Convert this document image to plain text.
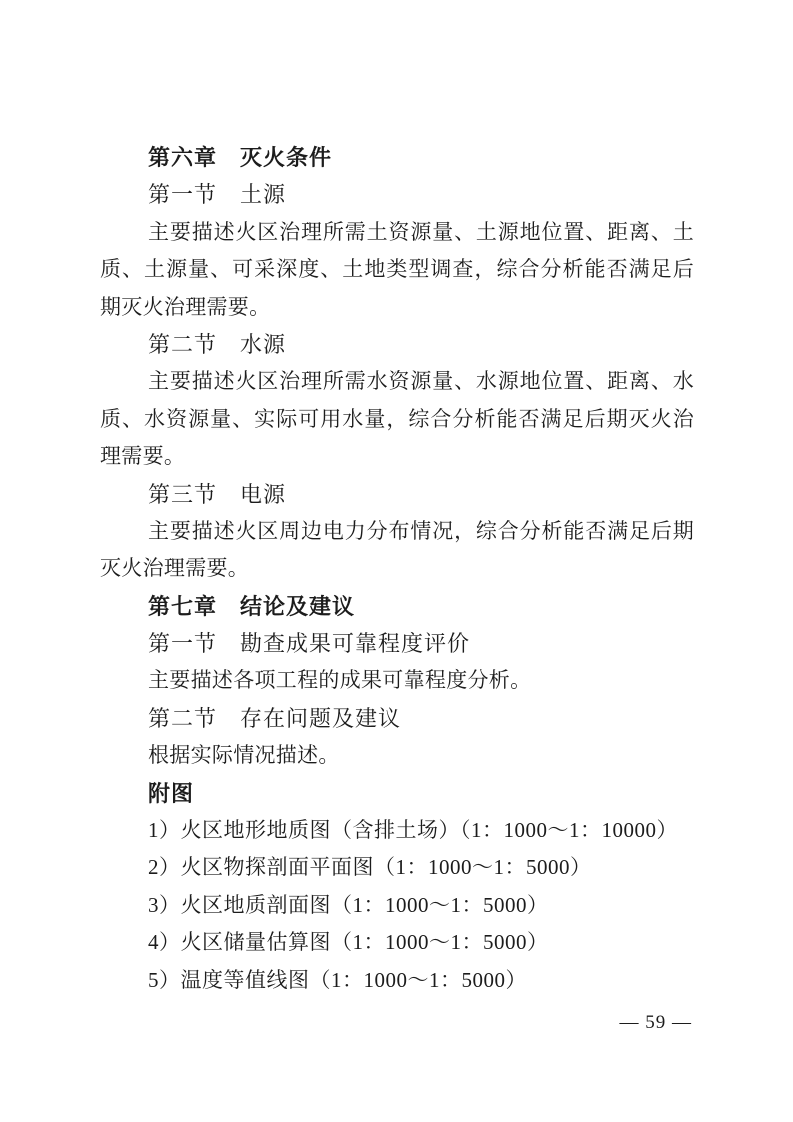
第六章　灭火条件
第一节　土源
主要描述火区治理所需土资源量、土源地位置、距离、土
质、土源量、可采深度、土地类型调查，综合分析能否满足后
期灭火治理需要。
第二节　水源
主要描述火区治理所需水资源量、水源地位置、距离、水
质、水资源量、实际可用水量，综合分析能否满足后期灭火治
理需要。
第三节　电源
主要描述火区周边电力分布情况，综合分析能否满足后期
灭火治理需要。
第七章　结论及建议
第一节　勘查成果可靠程度评价
主要描述各项工程的成果可靠程度分析。
第二节　存在问题及建议
根据实际情况描述。
附图
1）火区地形地质图（含排土场）（1：1000～1：10000）
2）火区物探剖面平面图（1：1000～1：5000）
3）火区地质剖面图（1：1000～1：5000）
4）火区储量估算图（1：1000～1：5000）
5）温度等值线图（1：1000～1：5000）
— 59 —
